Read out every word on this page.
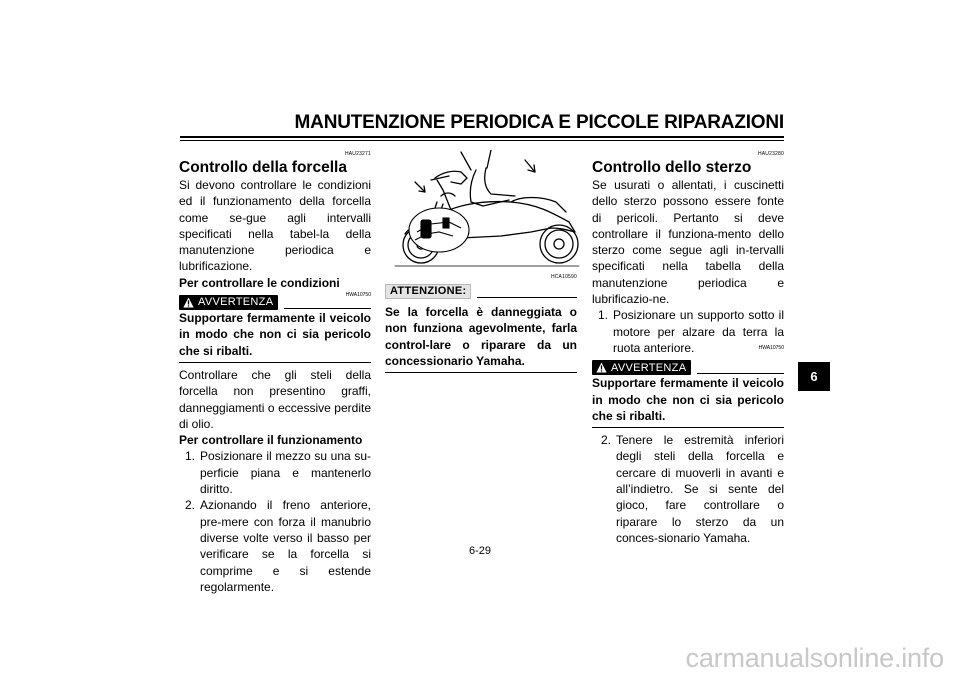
MANUTENZIONE PERIODICA E PICCOLE RIPARAZIONI
HAU23271
Controllo della forcella

Si devono controllare le condizioni ed il funzionamento della forcella come se-gue agli intervalli specificati nella tabel-la della manutenzione periodica e lubrificazione.

Per controllare le condizioni

AVVERTENZA
HWA10750

Supportare fermamente il veicolo in modo che non ci sia pericolo che si ribalti.

Controllare che gli steli della forcella non presentino graffi, danneggiamenti o eccessive perdite di olio.

Per controllare il funzionamento

1. Posizionare il mezzo su una su-perficie piana e mantenerlo diritto.
2. Azionando il freno anteriore, pre-mere con forza il manubrio diverse volte verso il basso per verificare se la forcella si comprime e si estende regolarmente.
HCA10590
ATTENZIONE:

Se la forcella è danneggiata o non funziona agevolmente, farla control-lare o riparare da un concessionario Yamaha.

HAU23280
Controllo dello sterzo

Se usurati o allentati, i cuscinetti dello sterzo possono essere fonte di pericoli. Pertanto si deve controllare il funziona-mento dello sterzo come segue agli in-tervalli specificati nella tabella della manutenzione periodica e lubrificazio-ne.

1. Posizionare un supporto sotto il motore per alzare da terra la ruota anteriore.
AVVERTENZA
HWA10750

Supportare fermamente il veicolo in modo che non ci sia pericolo che si ribalti.

2. Tenere le estremità inferiori degli steli della forcella e cercare di muoverli in avanti e all’indietro. Se si sente del gioco, fare controllare o riparare lo sterzo da un conces-sionario Yamaha.
6
6-29
carmanualsonline.info
